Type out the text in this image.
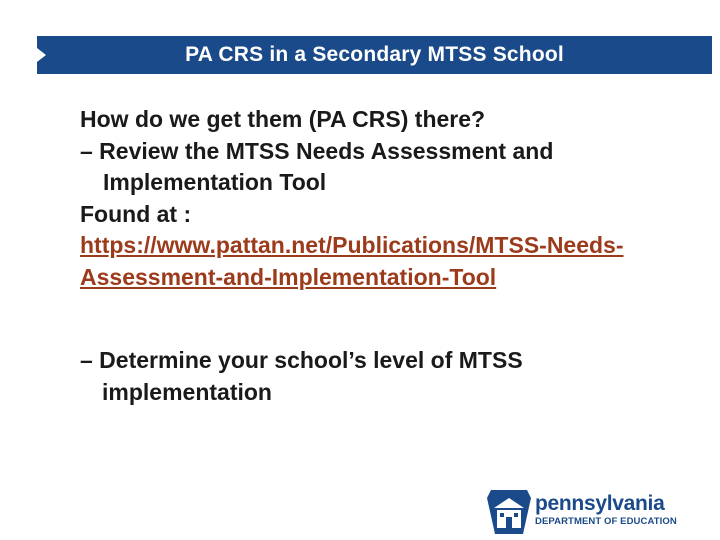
PA CRS in a Secondary MTSS School
How do we get them (PA CRS) there?
– Review the MTSS Needs Assessment and Implementation Tool
Found at :
https://www.pattan.net/Publications/MTSS-Needs-Assessment-and-Implementation-Tool
– Determine your school’s level of MTSS implementation
pennsylvania
DEPARTMENT OF EDUCATION
